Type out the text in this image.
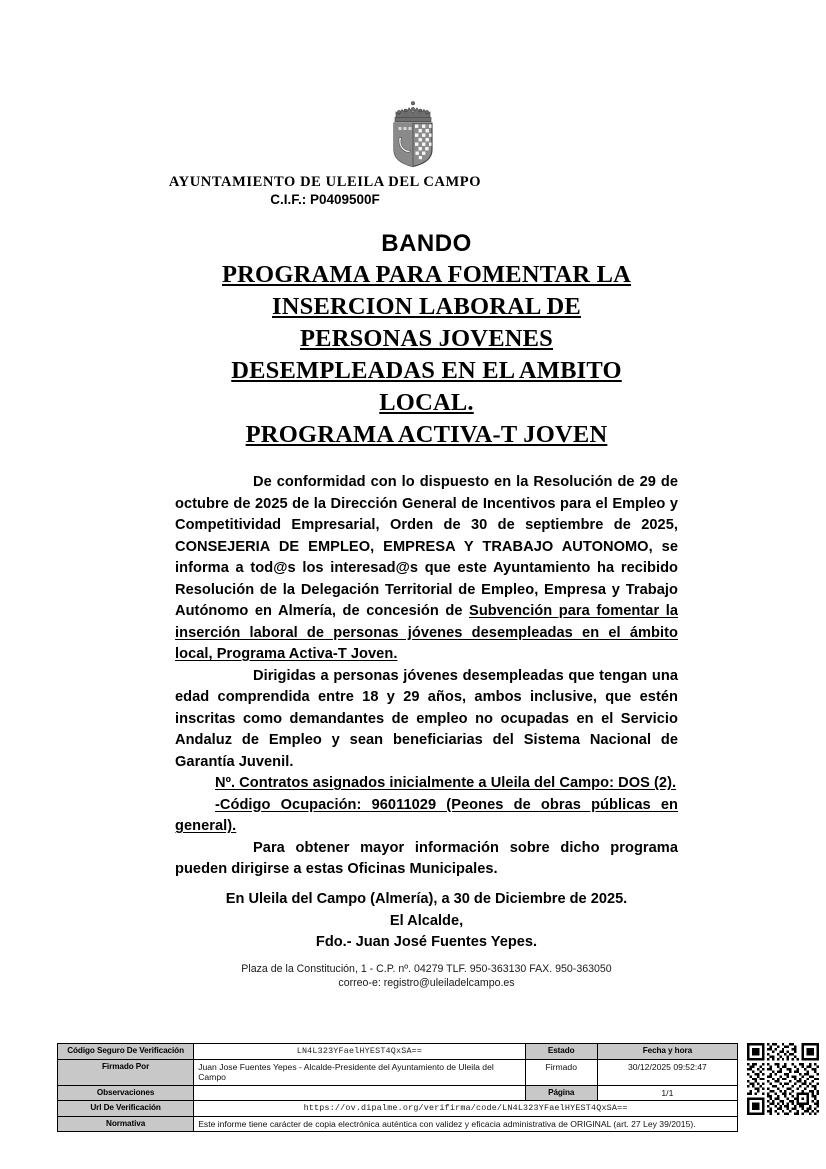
AYUNTAMIENTO DE ULEILA DEL CAMPO
C.I.F.: P0409500F
BANDO
PROGRAMA PARA FOMENTAR LA
INSERCION LABORAL DE
PERSONAS JOVENES
DESEMPLEADAS EN EL AMBITO
LOCAL.
PROGRAMA ACTIVA-T JOVEN

De conformidad con lo dispuesto en la Resolución de 29 de octubre de 2025 de la Dirección General de Incentivos para el Empleo y Competitividad Empresarial, Orden de 30 de septiembre de 2025, CONSEJERIA DE EMPLEO, EMPRESA Y TRABAJO AUTONOMO, se informa a tod@s los interesad@s que este Ayuntamiento ha recibido Resolución de la Delegación Territorial de Empleo, Empresa y Trabajo Autónomo en Almería, de concesión de Subvención para fomentar la inserción laboral de personas jóvenes desempleadas en el ámbito local, Programa Activa-T Joven.

Dirigidas a personas jóvenes desempleadas que tengan una edad comprendida entre 18 y 29 años, ambos inclusive, que estén inscritas como demandantes de empleo no ocupadas en el Servicio Andaluz de Empleo y sean beneficiarias del Sistema Nacional de Garantía Juvenil.

Nº. Contratos asignados inicialmente a Uleila del Campo: DOS (2).

-Código Ocupación: 96011029 (Peones de obras públicas en general).

Para obtener mayor información sobre dicho programa pueden dirigirse a estas Oficinas Municipales.

En Uleila del Campo (Almería), a 30 de Diciembre de 2025.
El Alcalde,
Fdo.- Juan José Fuentes Yepes.
Plaza de la Constitución, 1 - C.P. nº. 04279 TLF. 950-363130 FAX. 950-363050
correo-e: registro@uleiladelcampo.es
Código Seguro De Verificación	LN4L323YFaelHYEST4QxSA==	Estado	Fecha y hora
Firmado Por	Juan Jose Fuentes Yepes - Alcalde-Presidente del Ayuntamiento de Uleila del Campo	Firmado	30/12/2025 09:52:47
Observaciones		Página	1/1
Url De Verificación	https://ov.dipalme.org/verifirma/code/LN4L323YFaelHYEST4QxSA==		
Normativa	Este informe tiene carácter de copia electrónica auténtica con validez y eficacia administrativa de ORIGINAL (art. 27 Ley 39/2015).		
